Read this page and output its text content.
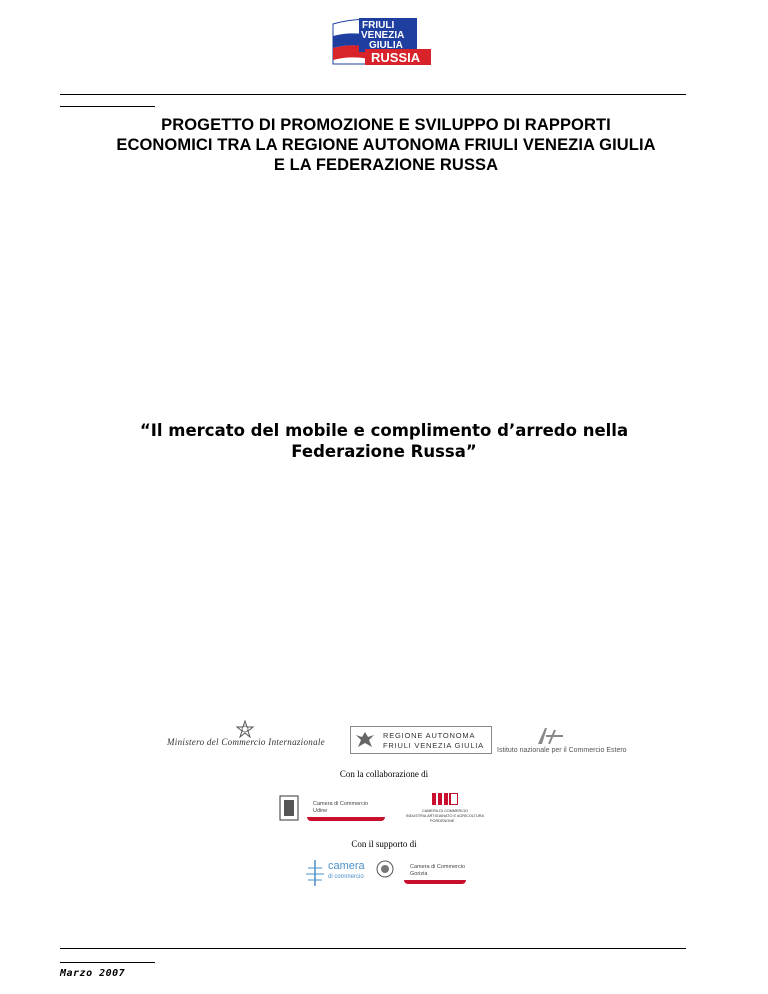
FRIULI
VENEZIA
GIULIA
RUSSIA
PROGETTO DI PROMOZIONE E SVILUPPO DI RAPPORTI
ECONOMICI TRA LA REGIONE AUTONOMA FRIULI VENEZIA GIULIA
E LA FEDERAZIONE RUSSA
“Il mercato del mobile e complimento d’arredo nella
Federazione Russa”
Ministero del Commercio Internazionale
REGIONE AUTONOMA
FRIULI VENEZIA GIULIA
Istituto nazionale per il Commercio Estero
Con la collaborazione di
Camera di Commercio
Udine	CAMERA DI COMMERCIO
INDUSTRIA ARTIGIANATO E AGRICOLTURA
PORDENONE
Con il supporto di
camera
di commercio
Camera di Commercio
Gorizia
Marzo 2007
